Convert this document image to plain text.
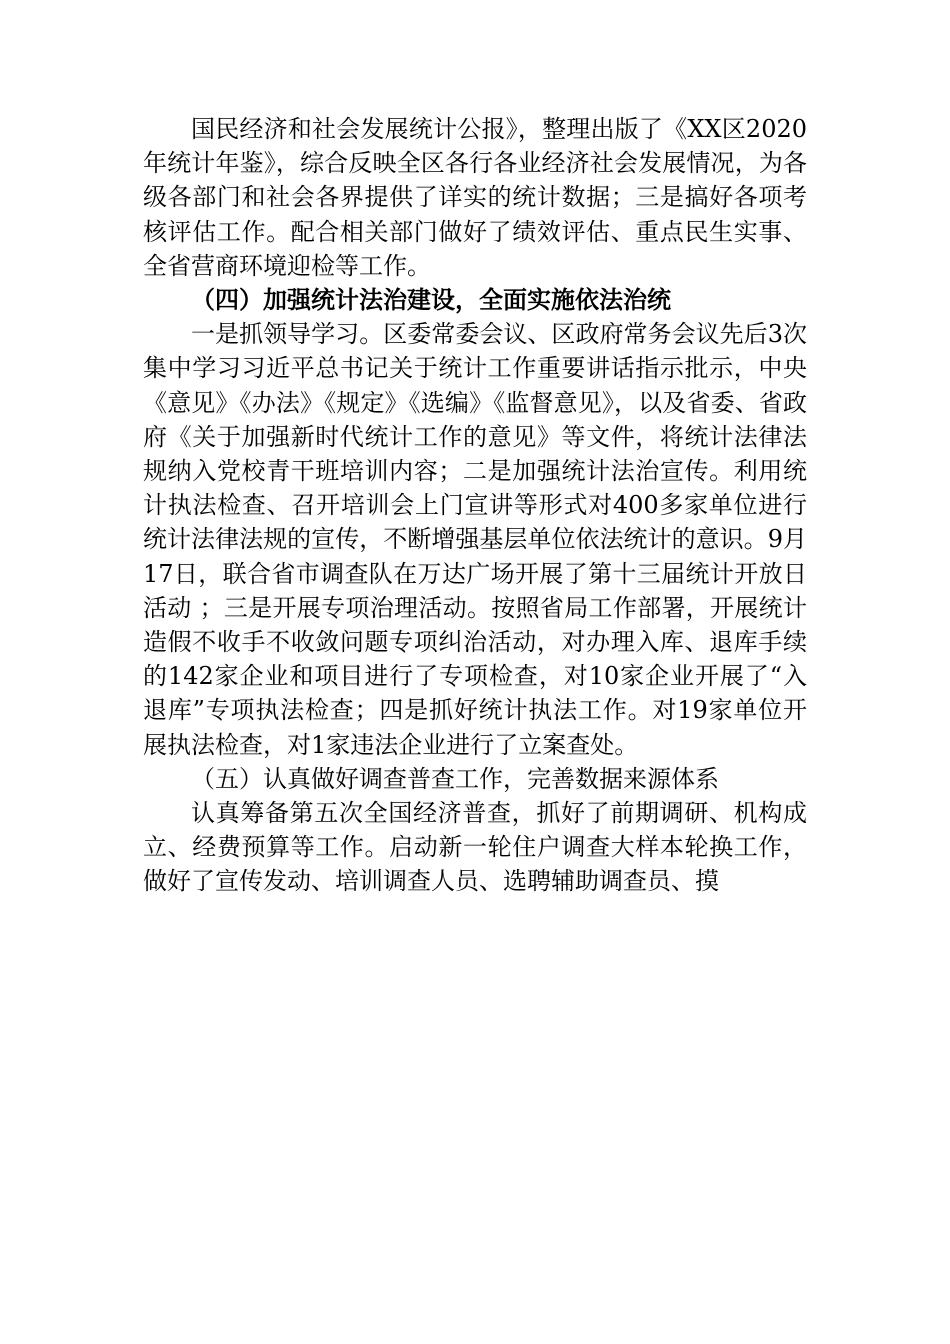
国民经济和社会发展统计公报》，整理出版了《XX区2020年统计年鉴》，综合反映全区各行各业经济社会发展情况，为各级各部门和社会各界提供了详实的统计数据；三是搞好各项考核评估工作。配合相关部门做好了绩效评估、重点民生实事、全省营商环境迎检等工作。

（四）加强统计法治建设，全面实施依法治统

一是抓领导学习。区委常委会议、区政府常务会议先后3次集中学习习近平总书记关于统计工作重要讲话指示批示，中央《意见》《办法》《规定》《选编》《监督意见》，以及省委、省政府《关于加强新时代统计工作的意见》等文件，将统计法律法规纳入党校青干班培训内容；二是加强统计法治宣传。利用统计执法检查、召开培训会上门宣讲等形式对400多家单位进行统计法律法规的宣传，不断增强基层单位依法统计的意识。9月17日，联合省市调查队在万达广场开展了第十三届统计开放日活动 ；三是开展专项治理活动。按照省局工作部署，开展统计造假不收手不收敛问题专项纠治活动，对办理入库、退库手续的142家企业和项目进行了专项检查，对10家企业开展了“入退库”专项执法检查；四是抓好统计执法工作。对19家单位开展执法检查，对1家违法企业进行了立案查处。

（五）认真做好调查普查工作，完善数据来源体系

认真筹备第五次全国经济普查，抓好了前期调研、机构成立、经费预算等工作。启动新一轮住户调查大样本轮换工作，做好了宣传发动、培训调查人员、选聘辅助调查员、摸
